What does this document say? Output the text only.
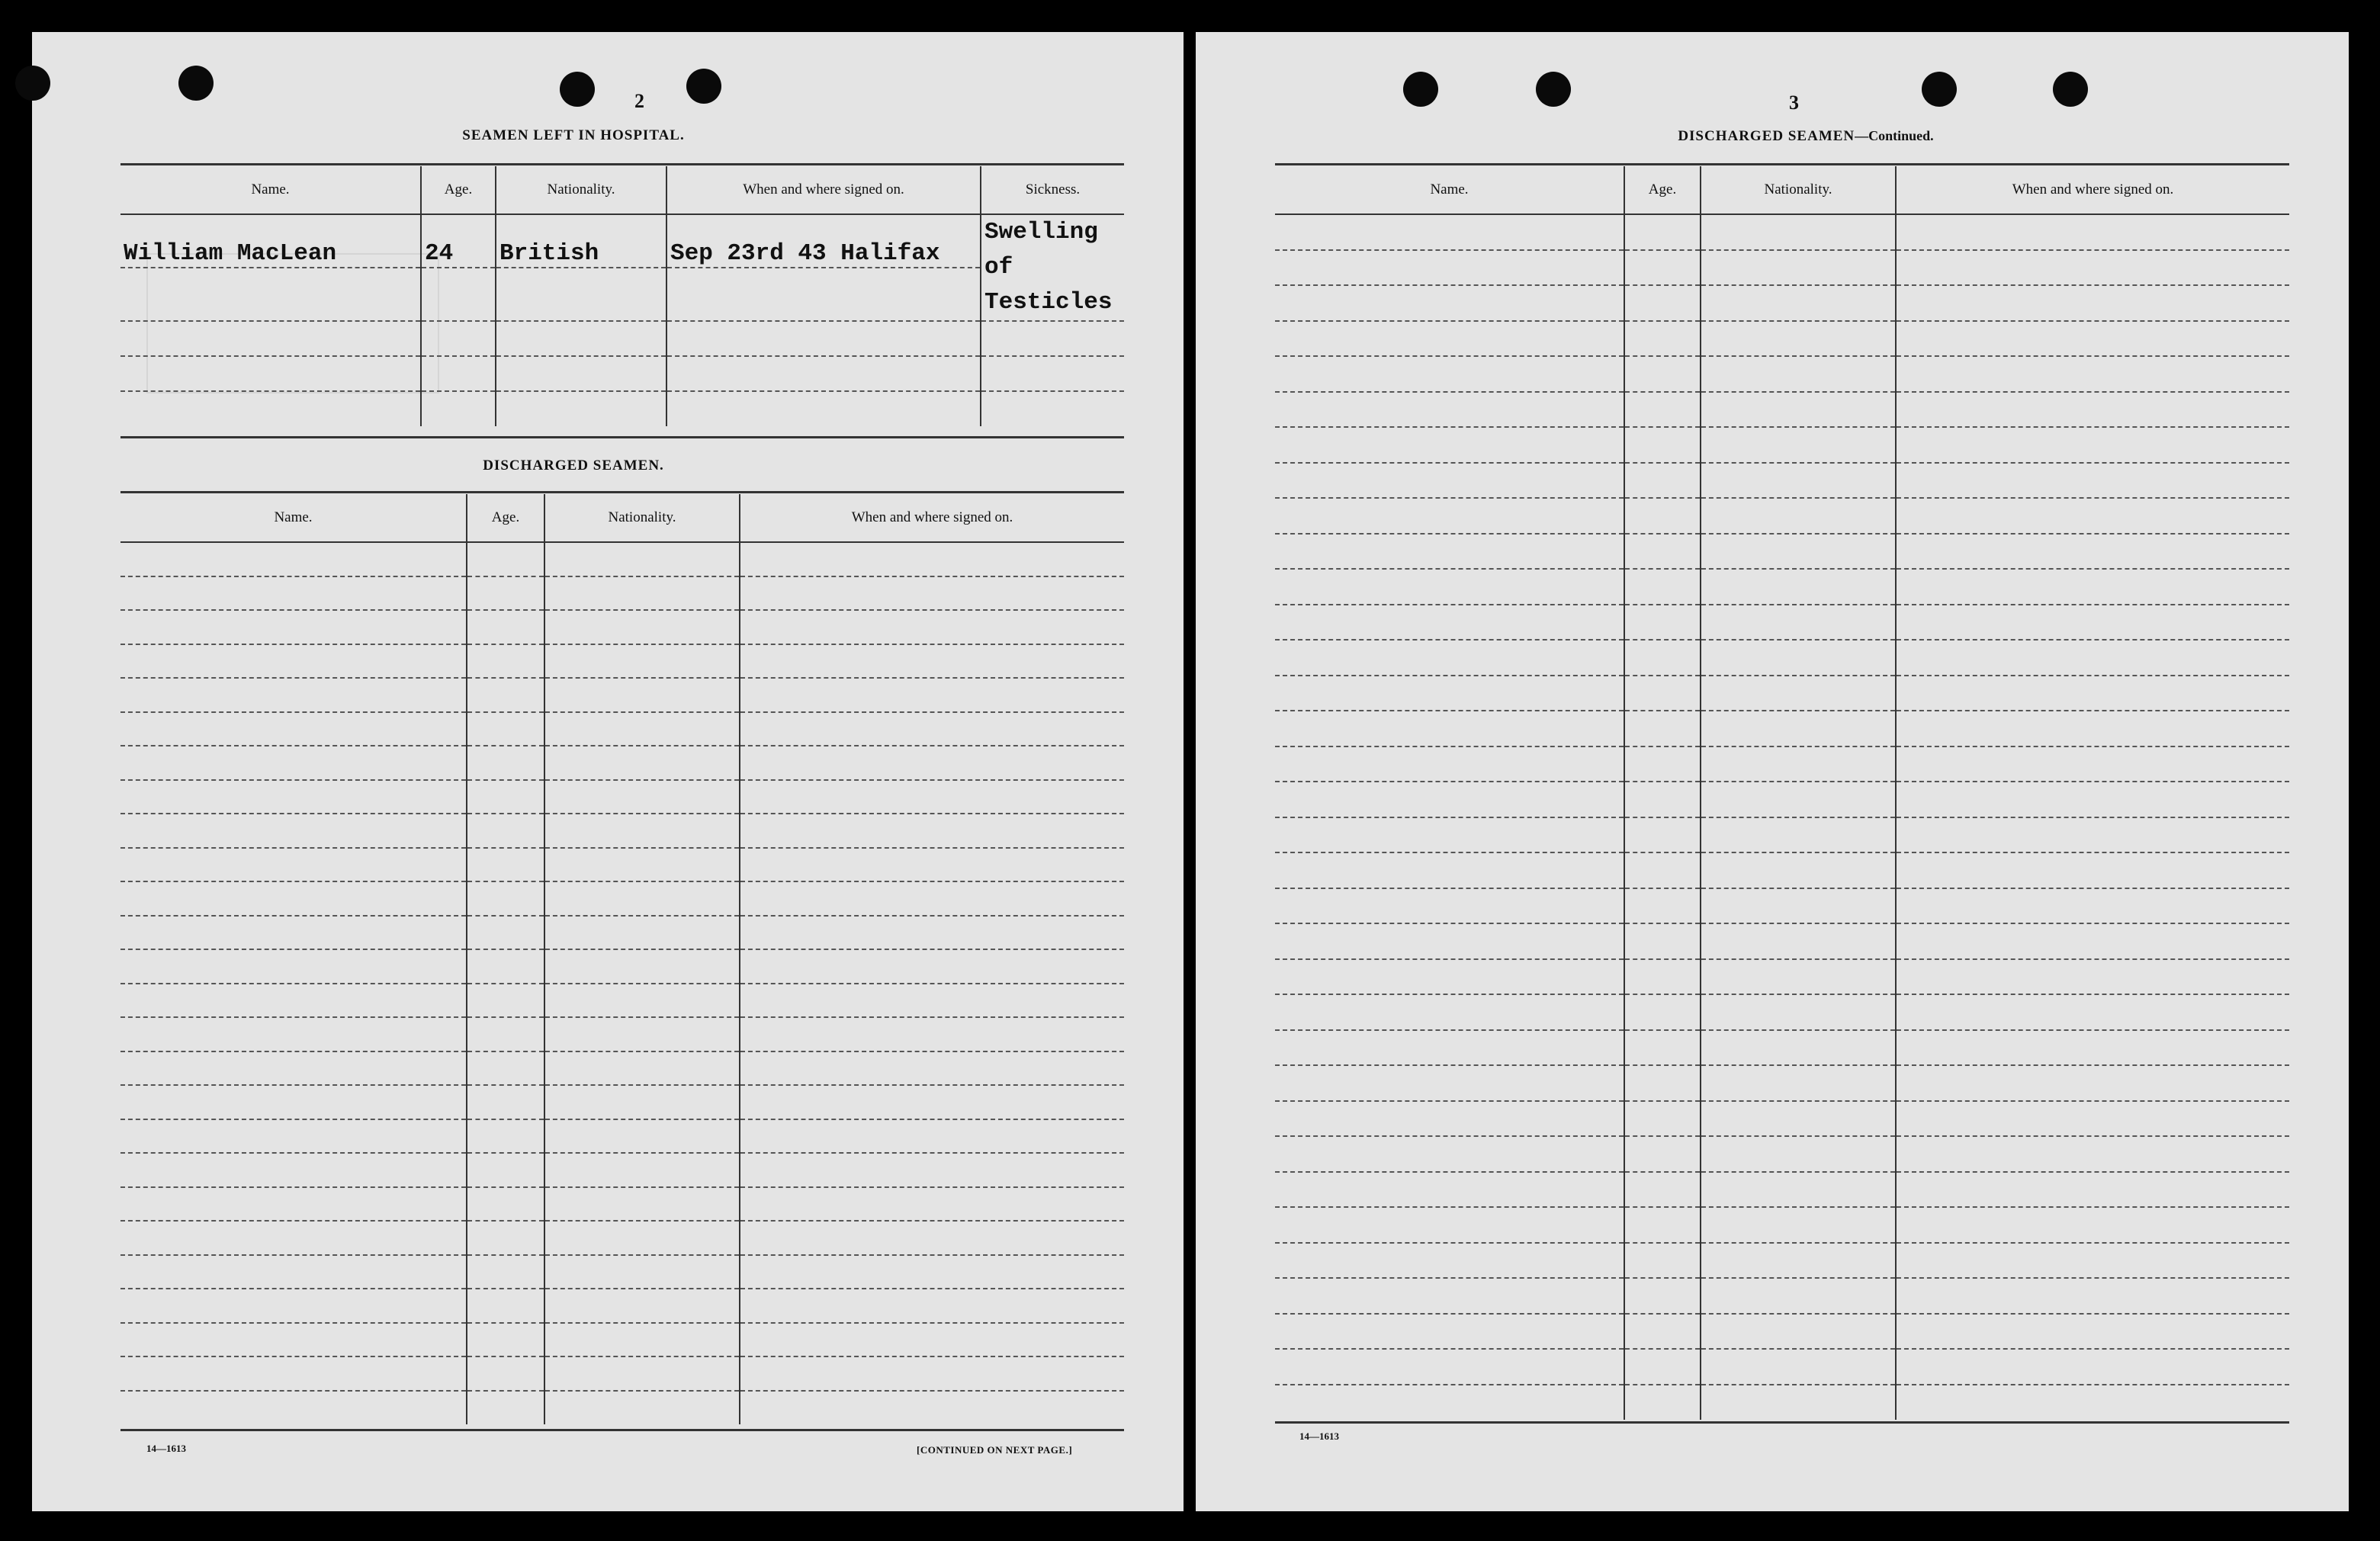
2
SEAMEN LEFT IN HOSPITAL.
Name.	Age.	Nationality.	When and where signed on.	Sickness.
William MacLean	24	British	Sep 23rd 43 Halifax	Swelling of Testicles

DISCHARGED SEAMEN.
Name.	Age.	Nationality.	When and where signed on.

14—1613	[CONTINUED ON NEXT PAGE.]
3
DISCHARGED SEAMEN—Continued.
Name.	Age.	Nationality.	When and where signed on.

14—1613
